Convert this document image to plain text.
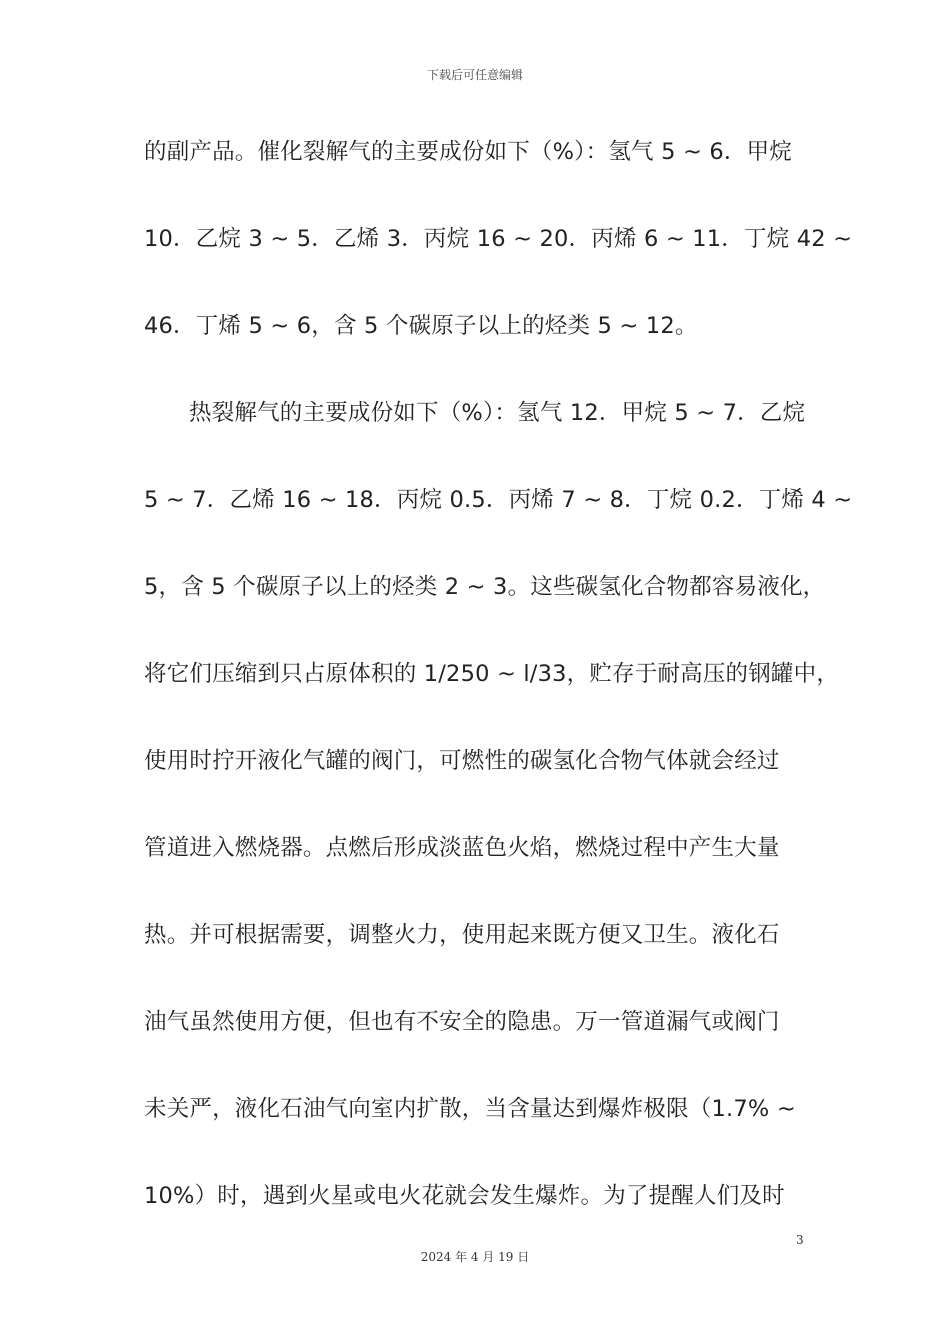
下载后可任意编辑
的副产品。催化裂解气的主要成份如下（%）：氢气 5 ~ 6．甲烷
10．乙烷 3 ~ 5．乙烯 3．丙烷 16 ~ 20．丙烯 6 ~ 11．丁烷 42 ~
46．丁烯 5 ~ 6，含 5 个碳原子以上的烃类 5 ~ 12。
热裂解气的主要成份如下（%）：氢气 12．甲烷 5 ~ 7．乙烷
5 ~ 7．乙烯 16 ~ 18．丙烷 0.5．丙烯 7 ~ 8．丁烷 0.2．丁烯 4 ~
5，含 5 个碳原子以上的烃类 2 ~ 3。这些碳氢化合物都容易液化，
将它们压缩到只占原体积的 1/250 ~ l/33，贮存于耐高压的钢罐中，
使用时拧开液化气罐的阀门，可燃性的碳氢化合物气体就会经过
管道进入燃烧器。点燃后形成淡蓝色火焰，燃烧过程中产生大量
热。并可根据需要，调整火力，使用起来既方便又卫生。液化石
油气虽然使用方便，但也有不安全的隐患。万一管道漏气或阀门
未关严，液化石油气向室内扩散，当含量达到爆炸极限（1.7% ~
10%）时，遇到火星或电火花就会发生爆炸。为了提醒人们及时
3
2024 年 4 月 19 日
